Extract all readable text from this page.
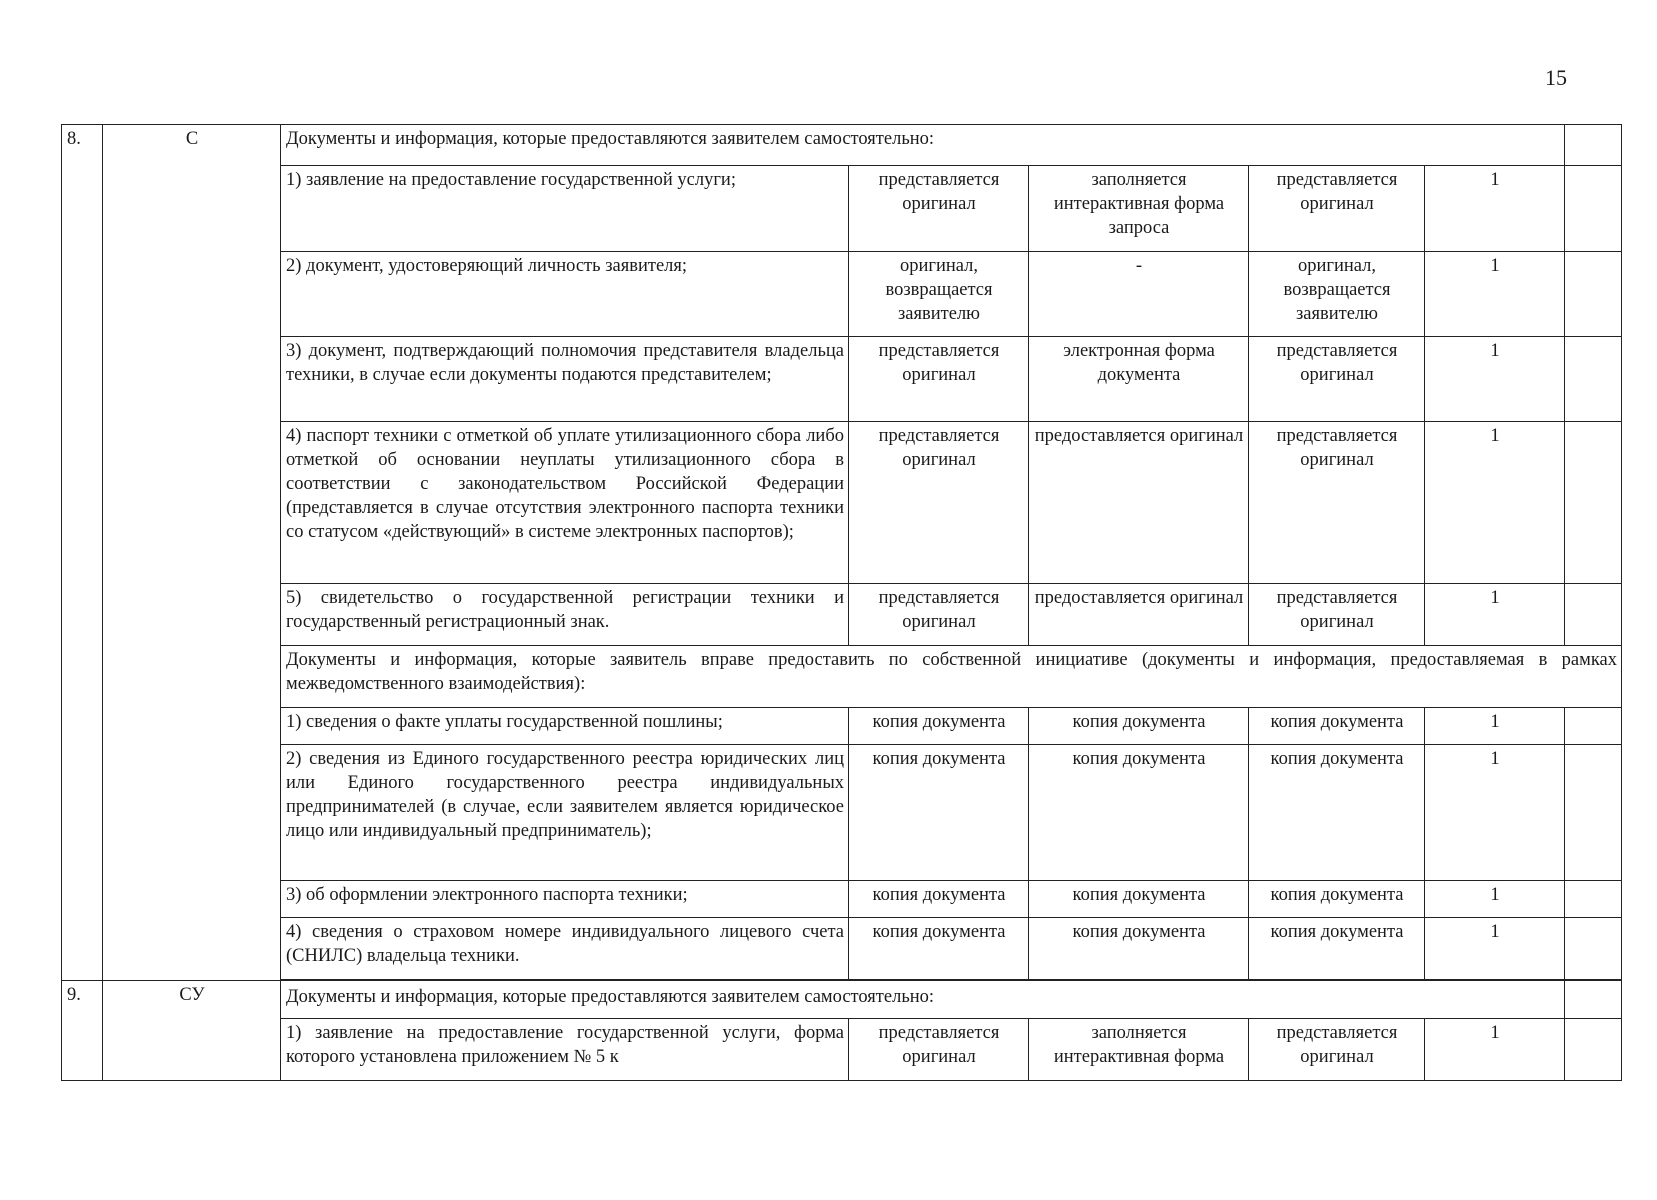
15
8.	С	Документы и информация, которые предоставляются заявителем самостоятельно:					
		1) заявление на предоставление государственной услуги;	представляется оригинал	заполняется интерактивная форма запроса	представляется оригинал	1	
		2) документ, удостоверяющий личность заявителя;	оригинал, возвращается заявителю	-	оригинал, возвращается заявителю	1	
		3) документ, подтверждающий полномочия представителя владельца техники, в случае если документы подаются представителем;	представляется оригинал	электронная форма документа	представляется оригинал	1	
		4) паспорт техники с отметкой об уплате утилизационного сбора либо отметкой об основании неуплаты утилизационного сбора в соответствии с законодательством Российской Федерации (представляется в случае отсутствия электронного паспорта техники со статусом «действующий» в системе электронных паспортов);	представляется оригинал	предоставляется оригинал	представляется оригинал	1	
		5) свидетельство о государственной регистрации техники и государственный регистрационный знак.	представляется оригинал	предоставляется оригинал	представляется оригинал	1	
		Документы и информация, которые заявитель вправе предоставить по собственной инициативе (документы и информация, предоставляемая в рамках межведомственного взаимодействия):					
		1) сведения о факте уплаты государственной пошлины;	копия документа	копия документа	копия документа	1	
		2) сведения из Единого государственного реестра юридических лиц или Единого государственного реестра индивидуальных предпринимателей (в случае, если заявителем является юридическое лицо или индивидуальный предприниматель);	копия документа	копия документа	копия документа	1	
		3) об оформлении электронного паспорта техники;	копия документа	копия документа	копия документа	1	
		4) сведения о страховом номере индивидуального лицевого счета (СНИЛС) владельца техники.	копия документа	копия документа	копия документа	1	

9.	СУ	Документы и информация, которые предоставляются заявителем самостоятельно:					
		1) заявление на предоставление государственной услуги, форма которого установлена приложением № 5 к	представляется оригинал	заполняется интерактивная форма	представляется оригинал	1	
